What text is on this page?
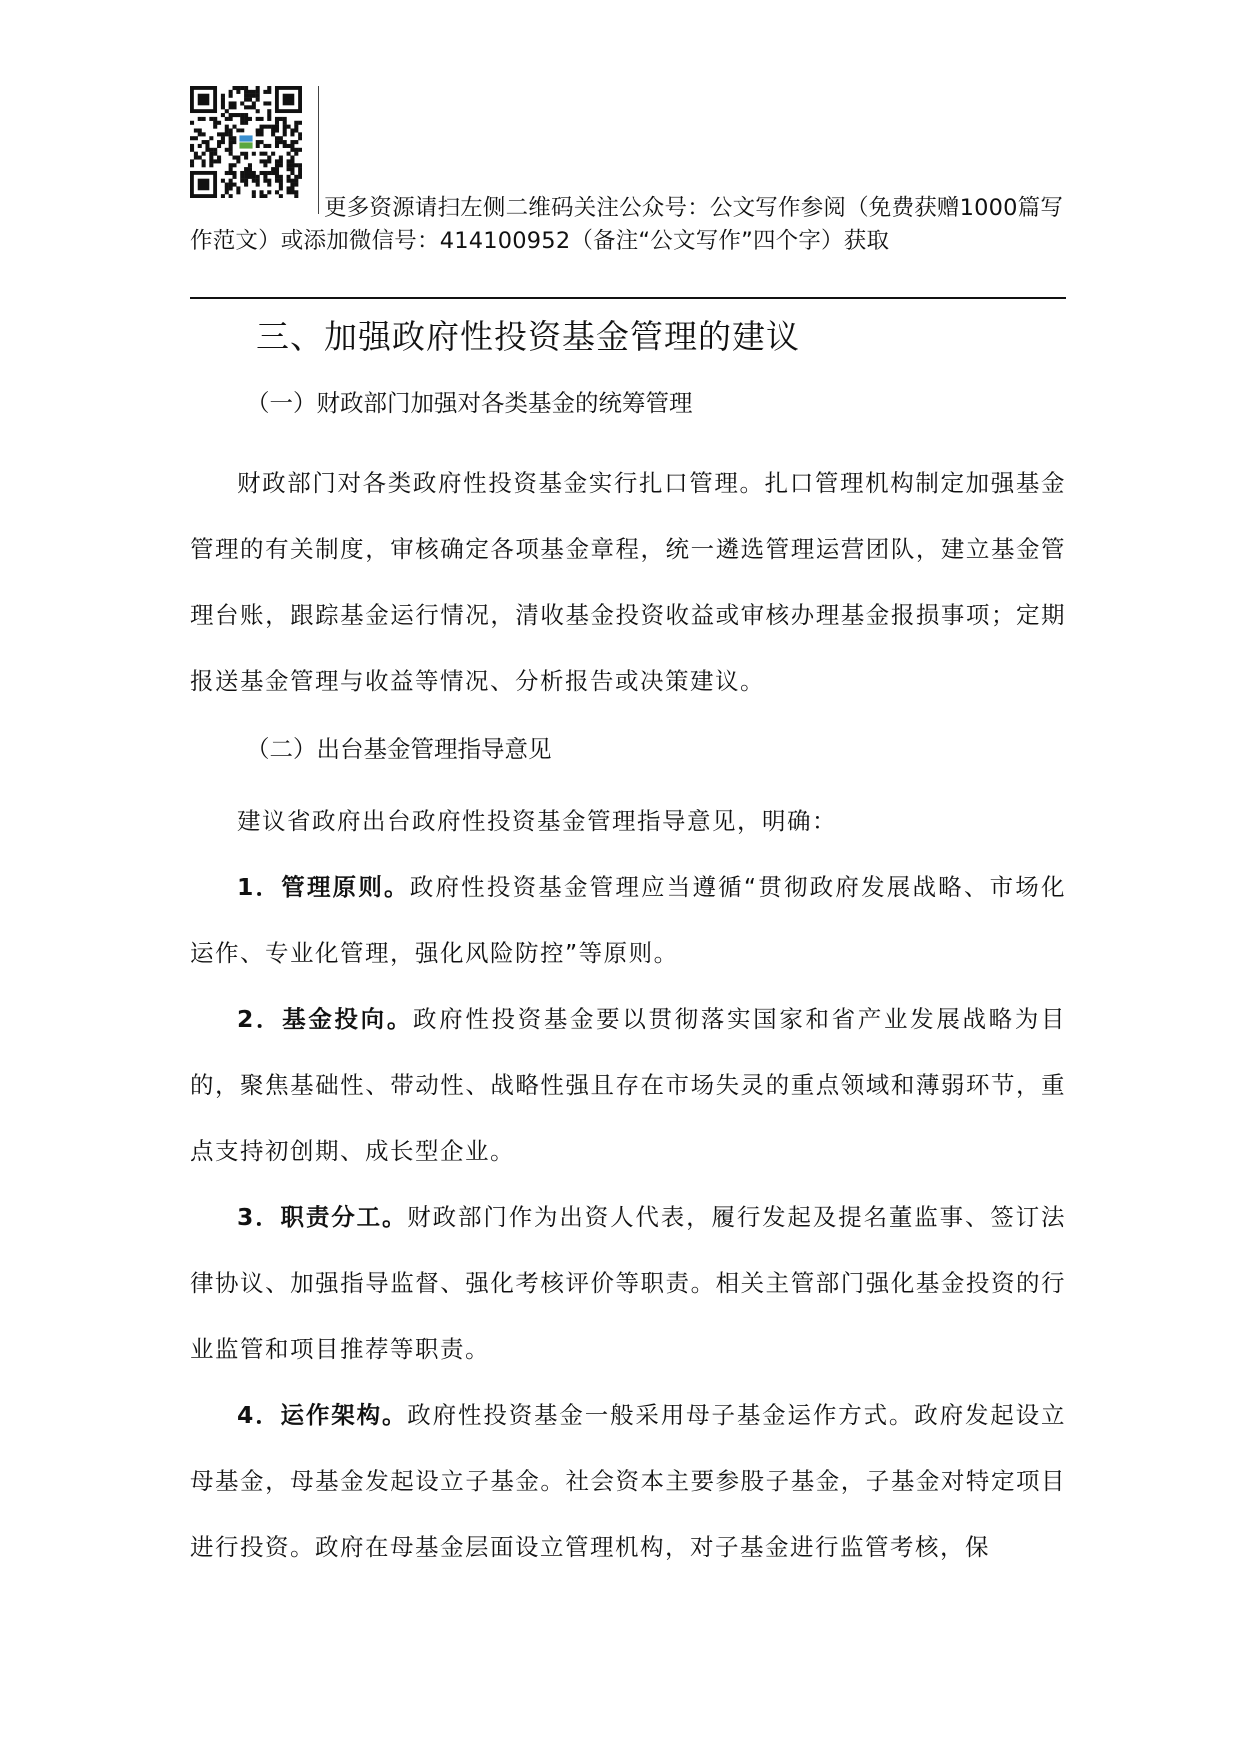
更多资源请扫左侧二维码关注公众号：公文写作参阅（免费获赠1000篇写作范文）或添加微信号：414100952（备注“公文写作”四个字）获取
三、加强政府性投资基金管理的建议
（一）财政部门加强对各类基金的统筹管理

财政部门对各类政府性投资基金实行扎口管理。扎口管理机构制定加强基金管理的有关制度，审核确定各项基金章程，统一遴选管理运营团队，建立基金管理台账，跟踪基金运行情况，清收基金投资收益或审核办理基金报损事项；定期报送基金管理与收益等情况、分析报告或决策建议。

（二）出台基金管理指导意见

建议省政府出台政府性投资基金管理指导意见，明确：

1．管理原则。政府性投资基金管理应当遵循“贯彻政府发展战略、市场化运作、专业化管理，强化风险防控”等原则。

2．基金投向。政府性投资基金要以贯彻落实国家和省产业发展战略为目的，聚焦基础性、带动性、战略性强且存在市场失灵的重点领域和薄弱环节，重点支持初创期、成长型企业。

3．职责分工。财政部门作为出资人代表，履行发起及提名董监事、签订法律协议、加强指导监督、强化考核评价等职责。相关主管部门强化基金投资的行业监管和项目推荐等职责。

4．运作架构。政府性投资基金一般采用母子基金运作方式。政府发起设立母基金，母基金发起设立子基金。社会资本主要参股子基金，子基金对特定项目进行投资。政府在母基金层面设立管理机构，对子基金进行监管考核，保
